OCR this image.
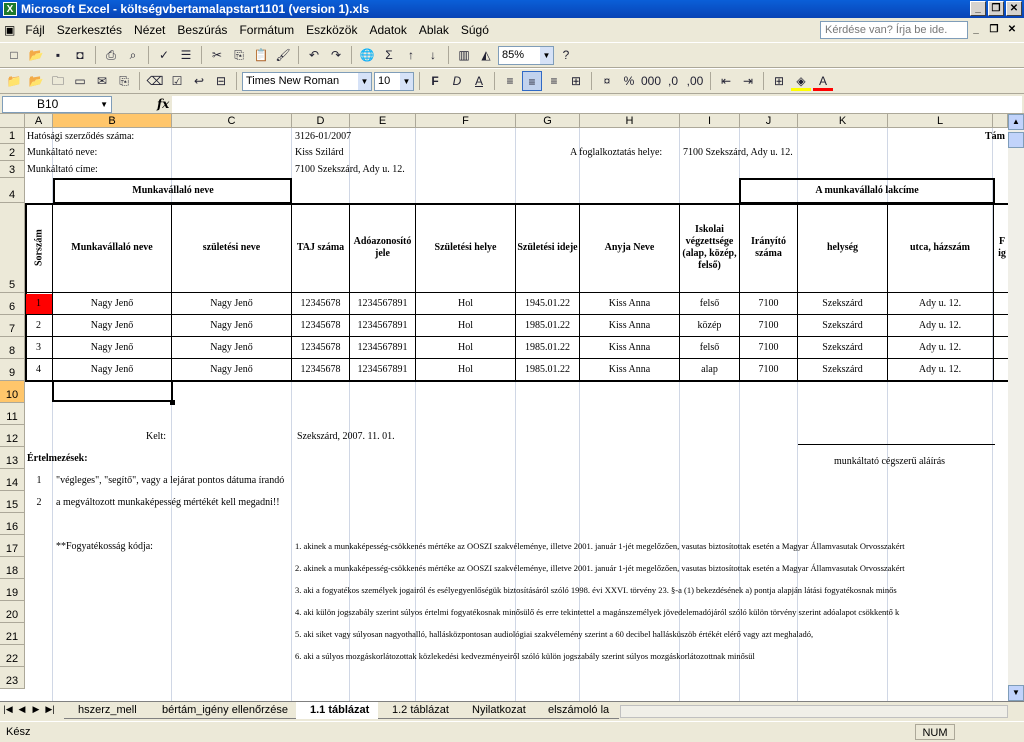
X Microsoft Excel - költségvbertamalapstart1101 (version 1).xls	_	❐ ✕
▣ Fájl	Szerkesztés	Nézet	Beszúrás	Formátum	Eszközök	Adatok	Ablak	Súgó	Kérdése van? Írja be ide.	_	❐ ✕
□ 📂	▪	◘	⎙	⌕	✓ ☰	✂	⎘ 📋 🖌	↶ ↷	🌐 Σ	↑	↓	▥ ◭	85%	▼	?
📁 📂 🗀 ▭ ✉	⎘	⌫ ☑ ↩ ⊟	Times New Roman	▼ 10	▼	F	D	A	≡	≡	≡	⊞	¤	% 000 ,0 ,00	⇤ ⇥	⊞	◈	A
B10	▼	fx
A	B	C	D	E	F	G	H	I	J	K	L
1
2
3
4
5
6
7
8
9
10
11
12
13
14
15
16
17
18
19
20
21
22
23
Hatósági szerződés száma:	3126-01/2007	Tám
Munkáltató neve:	Kiss Szilárd	A foglalkoztatás helye: 7100 Szekszárd, Ady u. 12.
Munkáltató címe:	7100 Szekszárd, Ady u. 12.
Munkavállaló neve	A munkavállaló lakcíme
Sorszám	Munkavállaló neve	születési neve	TAJ száma
Adóazonosító jele
Születési helye	Születési ideje	Anyja Neve
Iskolai végzettsége (alap, közép, felső)
Irányító száma
helység	utca, házszám
F ig
1	Nagy Jenő	Nagy Jenő	12345678	1234567891	Hol	1945.01.22	Kiss Anna	felső	7100	Szekszárd	Ady u. 12.
2	Nagy Jenő	Nagy Jenő	12345678	1234567891	Hol	1985.01.22	Kiss Anna	közép	7100	Szekszárd	Ady u. 12.
3	Nagy Jenő	Nagy Jenő	12345678	1234567891	Hol	1985.01.22	Kiss Anna	felső	7100	Szekszárd	Ady u. 12.
4	Nagy Jenő	Nagy Jenő	12345678	1234567891	Hol	1985.01.22	Kiss Anna	alap	7100	Szekszárd	Ady u. 12.
Kelt:	Szekszárd, 2007. 11. 01.
munkáltató cégszerű aláírás
Értelmezések:
1	"végleges", "segítő", vagy a lejárat pontos dátuma írandó
2	a megváltozott munkaképesség mértékét kell megadni!!
**Fogyatékosság kódja:	1. akinek a munkaképesség-csökkenés mértéke az OOSZI szakvéleménye, illetve 2001. január 1-jét megelőzően, vasutas biztosítottak esetén a Magyar Államvasutak Orvosszakért
2. akinek a munkaképesség-csökkenés mértéke az OOSZI szakvéleménye, illetve 2001. január 1-jét megelőzően, vasutas biztosítottak esetén a Magyar Államvasutak Orvosszakért
3. aki a fogyatékos személyek jogairól és esélyegyenlőségük biztosításáról szóló 1998. évi XXVI. törvény 23. §-a (1) bekezdésének a) pontja alapján látási fogyatékosnak minős
4. aki külön jogszabály szerint súlyos értelmi fogyatékosnak minősülő és erre tekintettel a magánszemélyek jövedelemadójáról szóló külön törvény szerint adóalapot csökkentő k
5. aki siket vagy súlyosan nagyothalló, hallásközpontosan audiológiai szakvélemény szerint a 60 decibel hallásküszöb értékét elérő vagy azt meghaladó,
6. aki a súlyos mozgáskorlátozottak közlekedési kedvezményeiről szóló külön jogszabály szerint súlyos mozgáskorlátozottnak minősül
▲
▼
|◀ ◀ ▶ ▶|	hszerz_mell	bértám_igény ellenőrzése	1.1 táblázat	1.2 táblázat	Nyilatkozat	elszámoló la
Kész	NUM
